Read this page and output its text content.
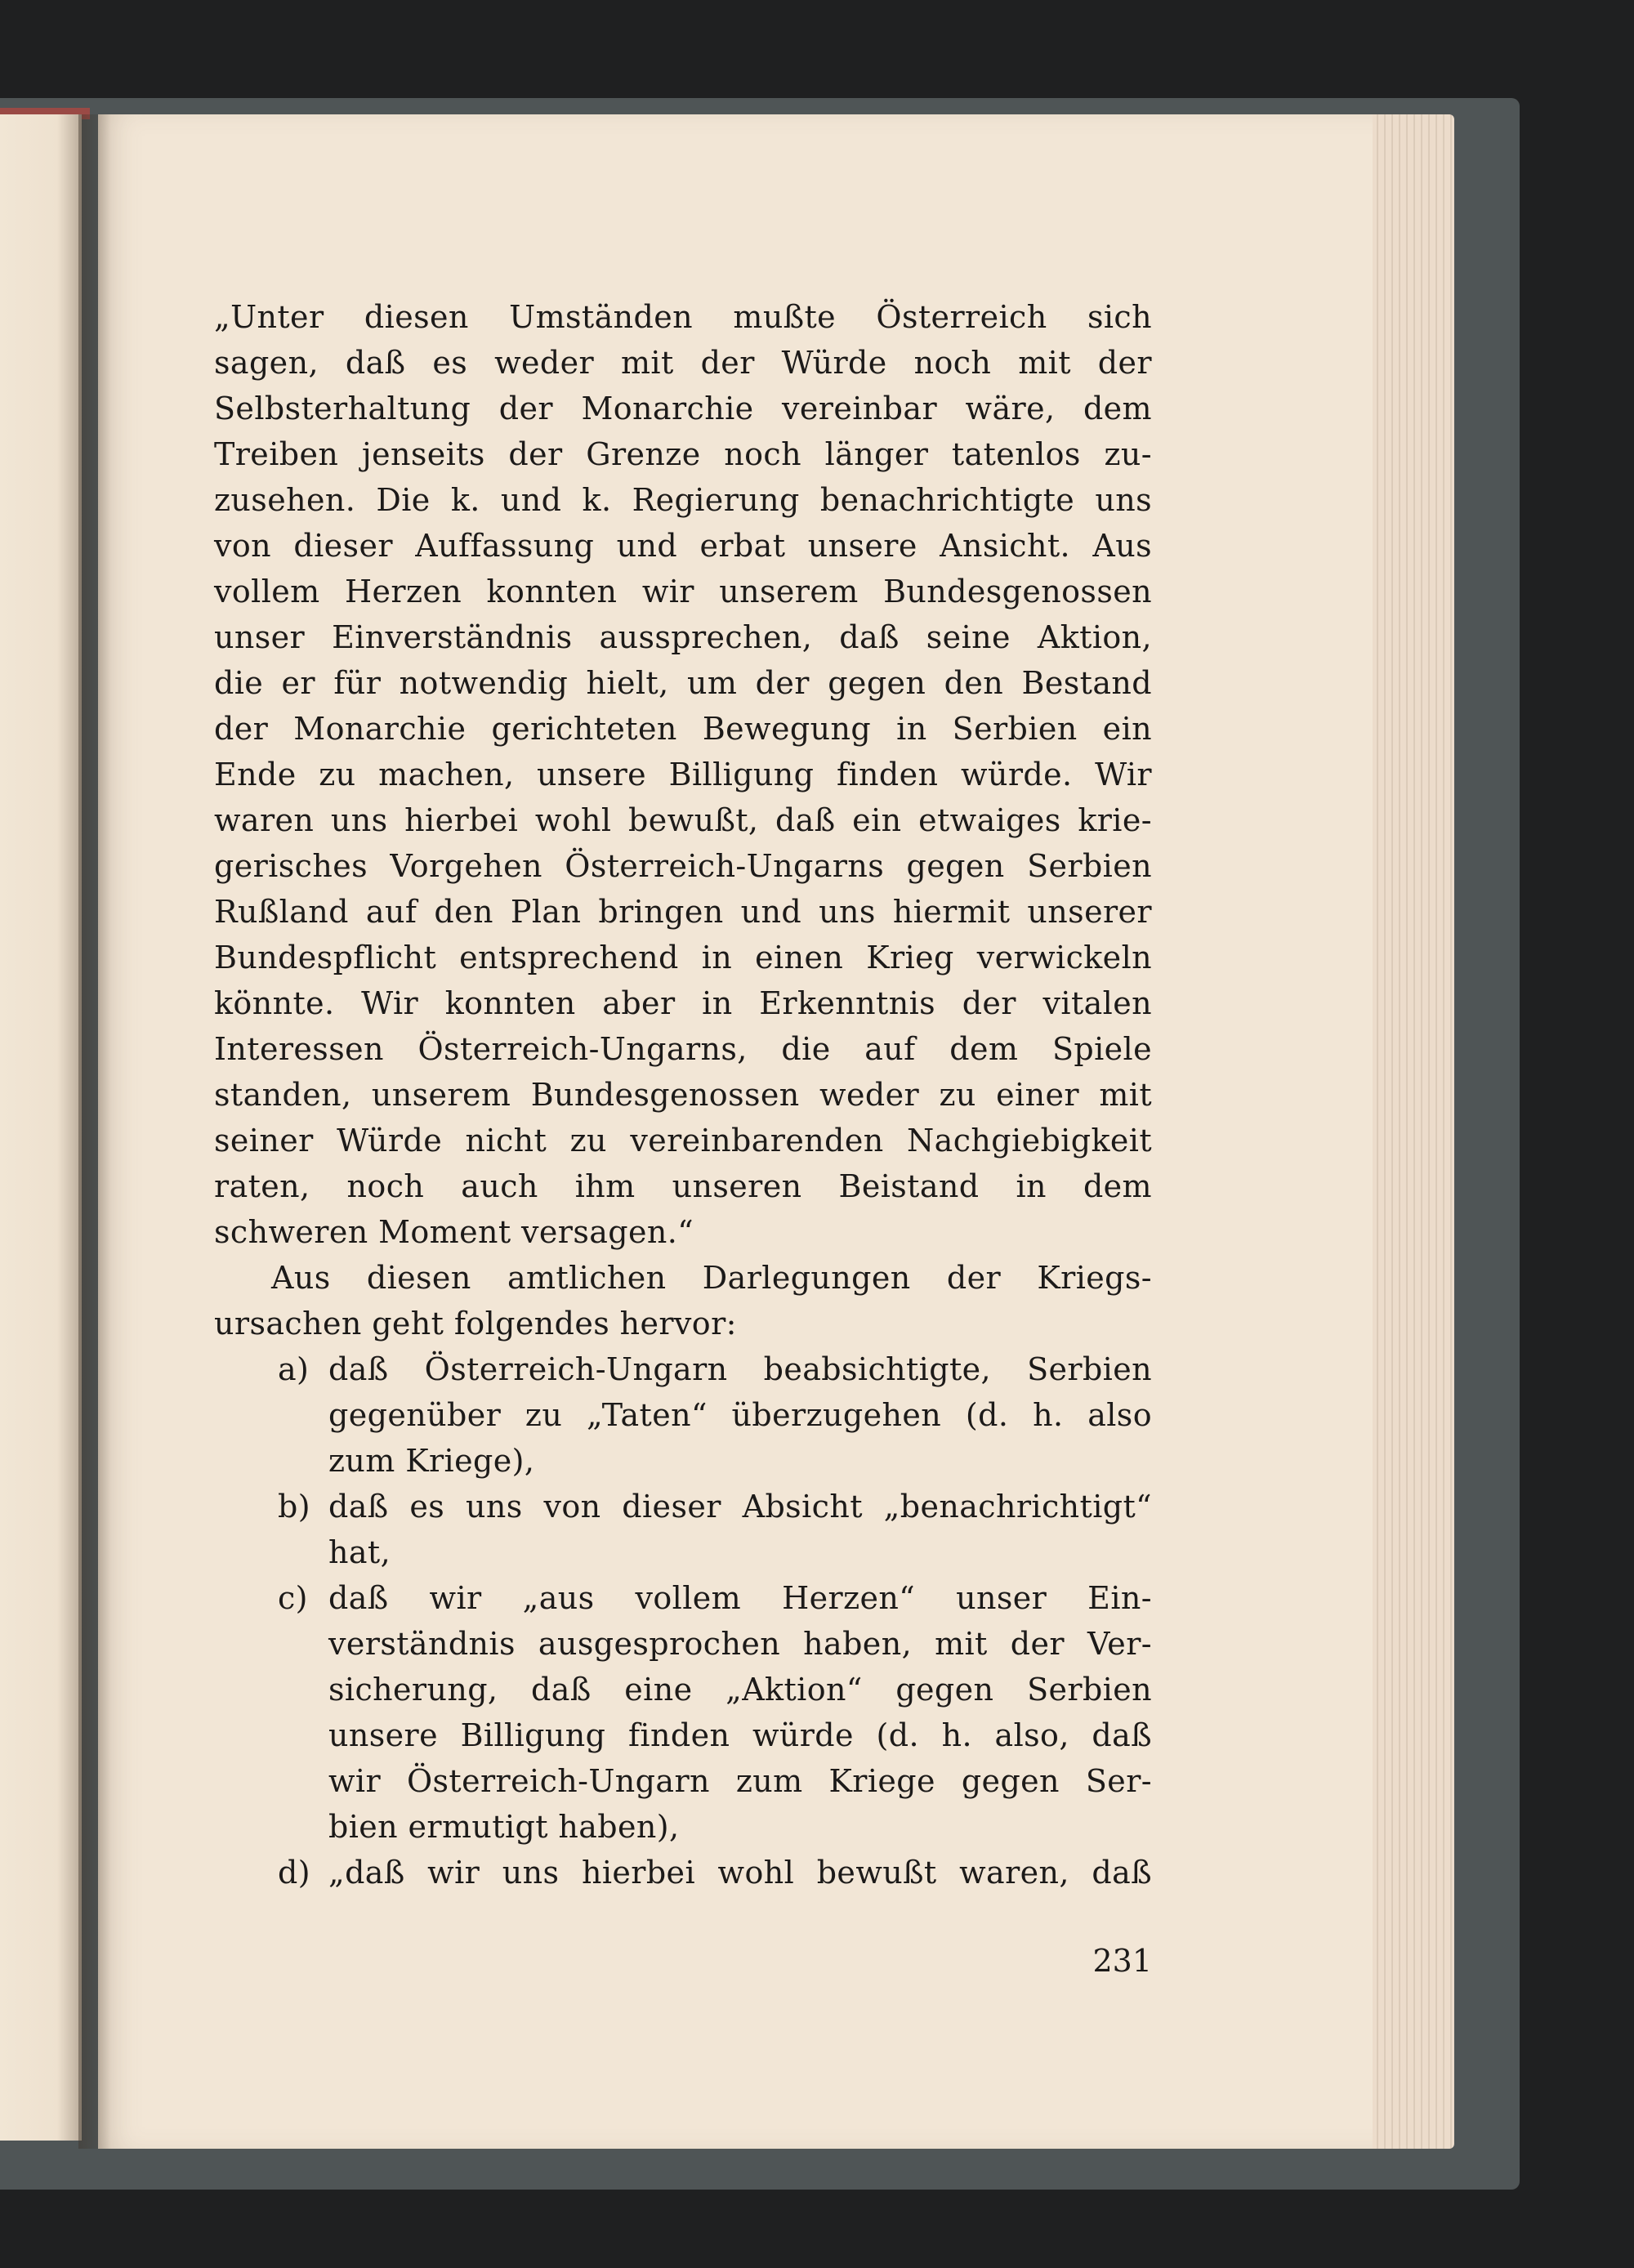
„Unter diesen Umständen mußte Österreich sich
sagen, daß es weder mit der Würde noch mit der
Selbsterhaltung der Monarchie vereinbar wäre, dem
Treiben jenseits der Grenze noch länger tatenlos zu-
zusehen. Die k. und k. Regierung benachrichtigte uns
von dieser Auffassung und erbat unsere Ansicht. Aus
vollem Herzen konnten wir unserem Bundesgenossen
unser Einverständnis aussprechen, daß seine Aktion,
die er für notwendig hielt, um der gegen den Bestand
der Monarchie gerichteten Bewegung in Serbien ein
Ende zu machen, unsere Billigung finden würde. Wir
waren uns hierbei wohl bewußt, daß ein etwaiges krie-
gerisches Vorgehen Österreich-Ungarns gegen Serbien
Rußland auf den Plan bringen und uns hiermit unserer
Bundespflicht entsprechend in einen Krieg verwickeln
könnte. Wir konnten aber in Erkenntnis der vitalen
Interessen Österreich-Ungarns, die auf dem Spiele
standen, unserem Bundesgenossen weder zu einer mit
seiner Würde nicht zu vereinbarenden Nachgiebigkeit
raten, noch auch ihm unseren Beistand in dem
schweren Moment versagen.“
Aus diesen amtlichen Darlegungen der Kriegs-
ursachen geht folgendes hervor:
a) daß Österreich-Ungarn beabsichtigte, Serbien
gegenüber zu „Taten“ überzugehen (d. h. also
zum Kriege),
b) daß es uns von dieser Absicht „benachrichtigt“
hat,
c) daß wir „aus vollem Herzen“ unser Ein-
verständnis ausgesprochen haben, mit der Ver-
sicherung, daß eine „Aktion“ gegen Serbien
unsere Billigung finden würde (d. h. also, daß
wir Österreich-Ungarn zum Kriege gegen Ser-
bien ermutigt haben),
d) „daß wir uns hierbei wohl bewußt waren, daß
231
